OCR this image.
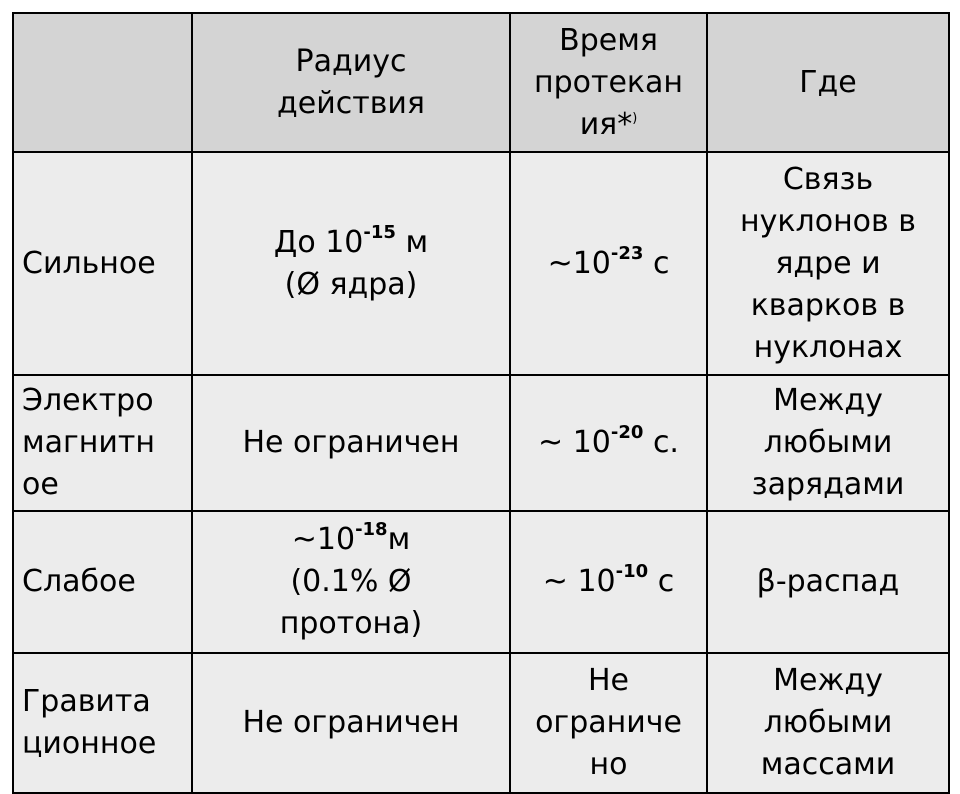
	Радиус
действия	Время
протекан
ия*)	Где

Сильное	До $10^{-15}$ м
(Ø ядра)	$\sim 10^{-23}$ с	Связь
нуклонов в
ядре и
кварков в
нуклонах

Электро
магнитн
ое	Не ограничен	~ $10^{-20}$ с.	Между
любыми
зарядами

Слабое	$\sim 10^{-18}м$
(0.1% Ø
протона)	~ $10^{-10}$ с	β-распад

Гравита
ционное	Не ограничен	Не
ограниче
но	Между
любыми
массами
